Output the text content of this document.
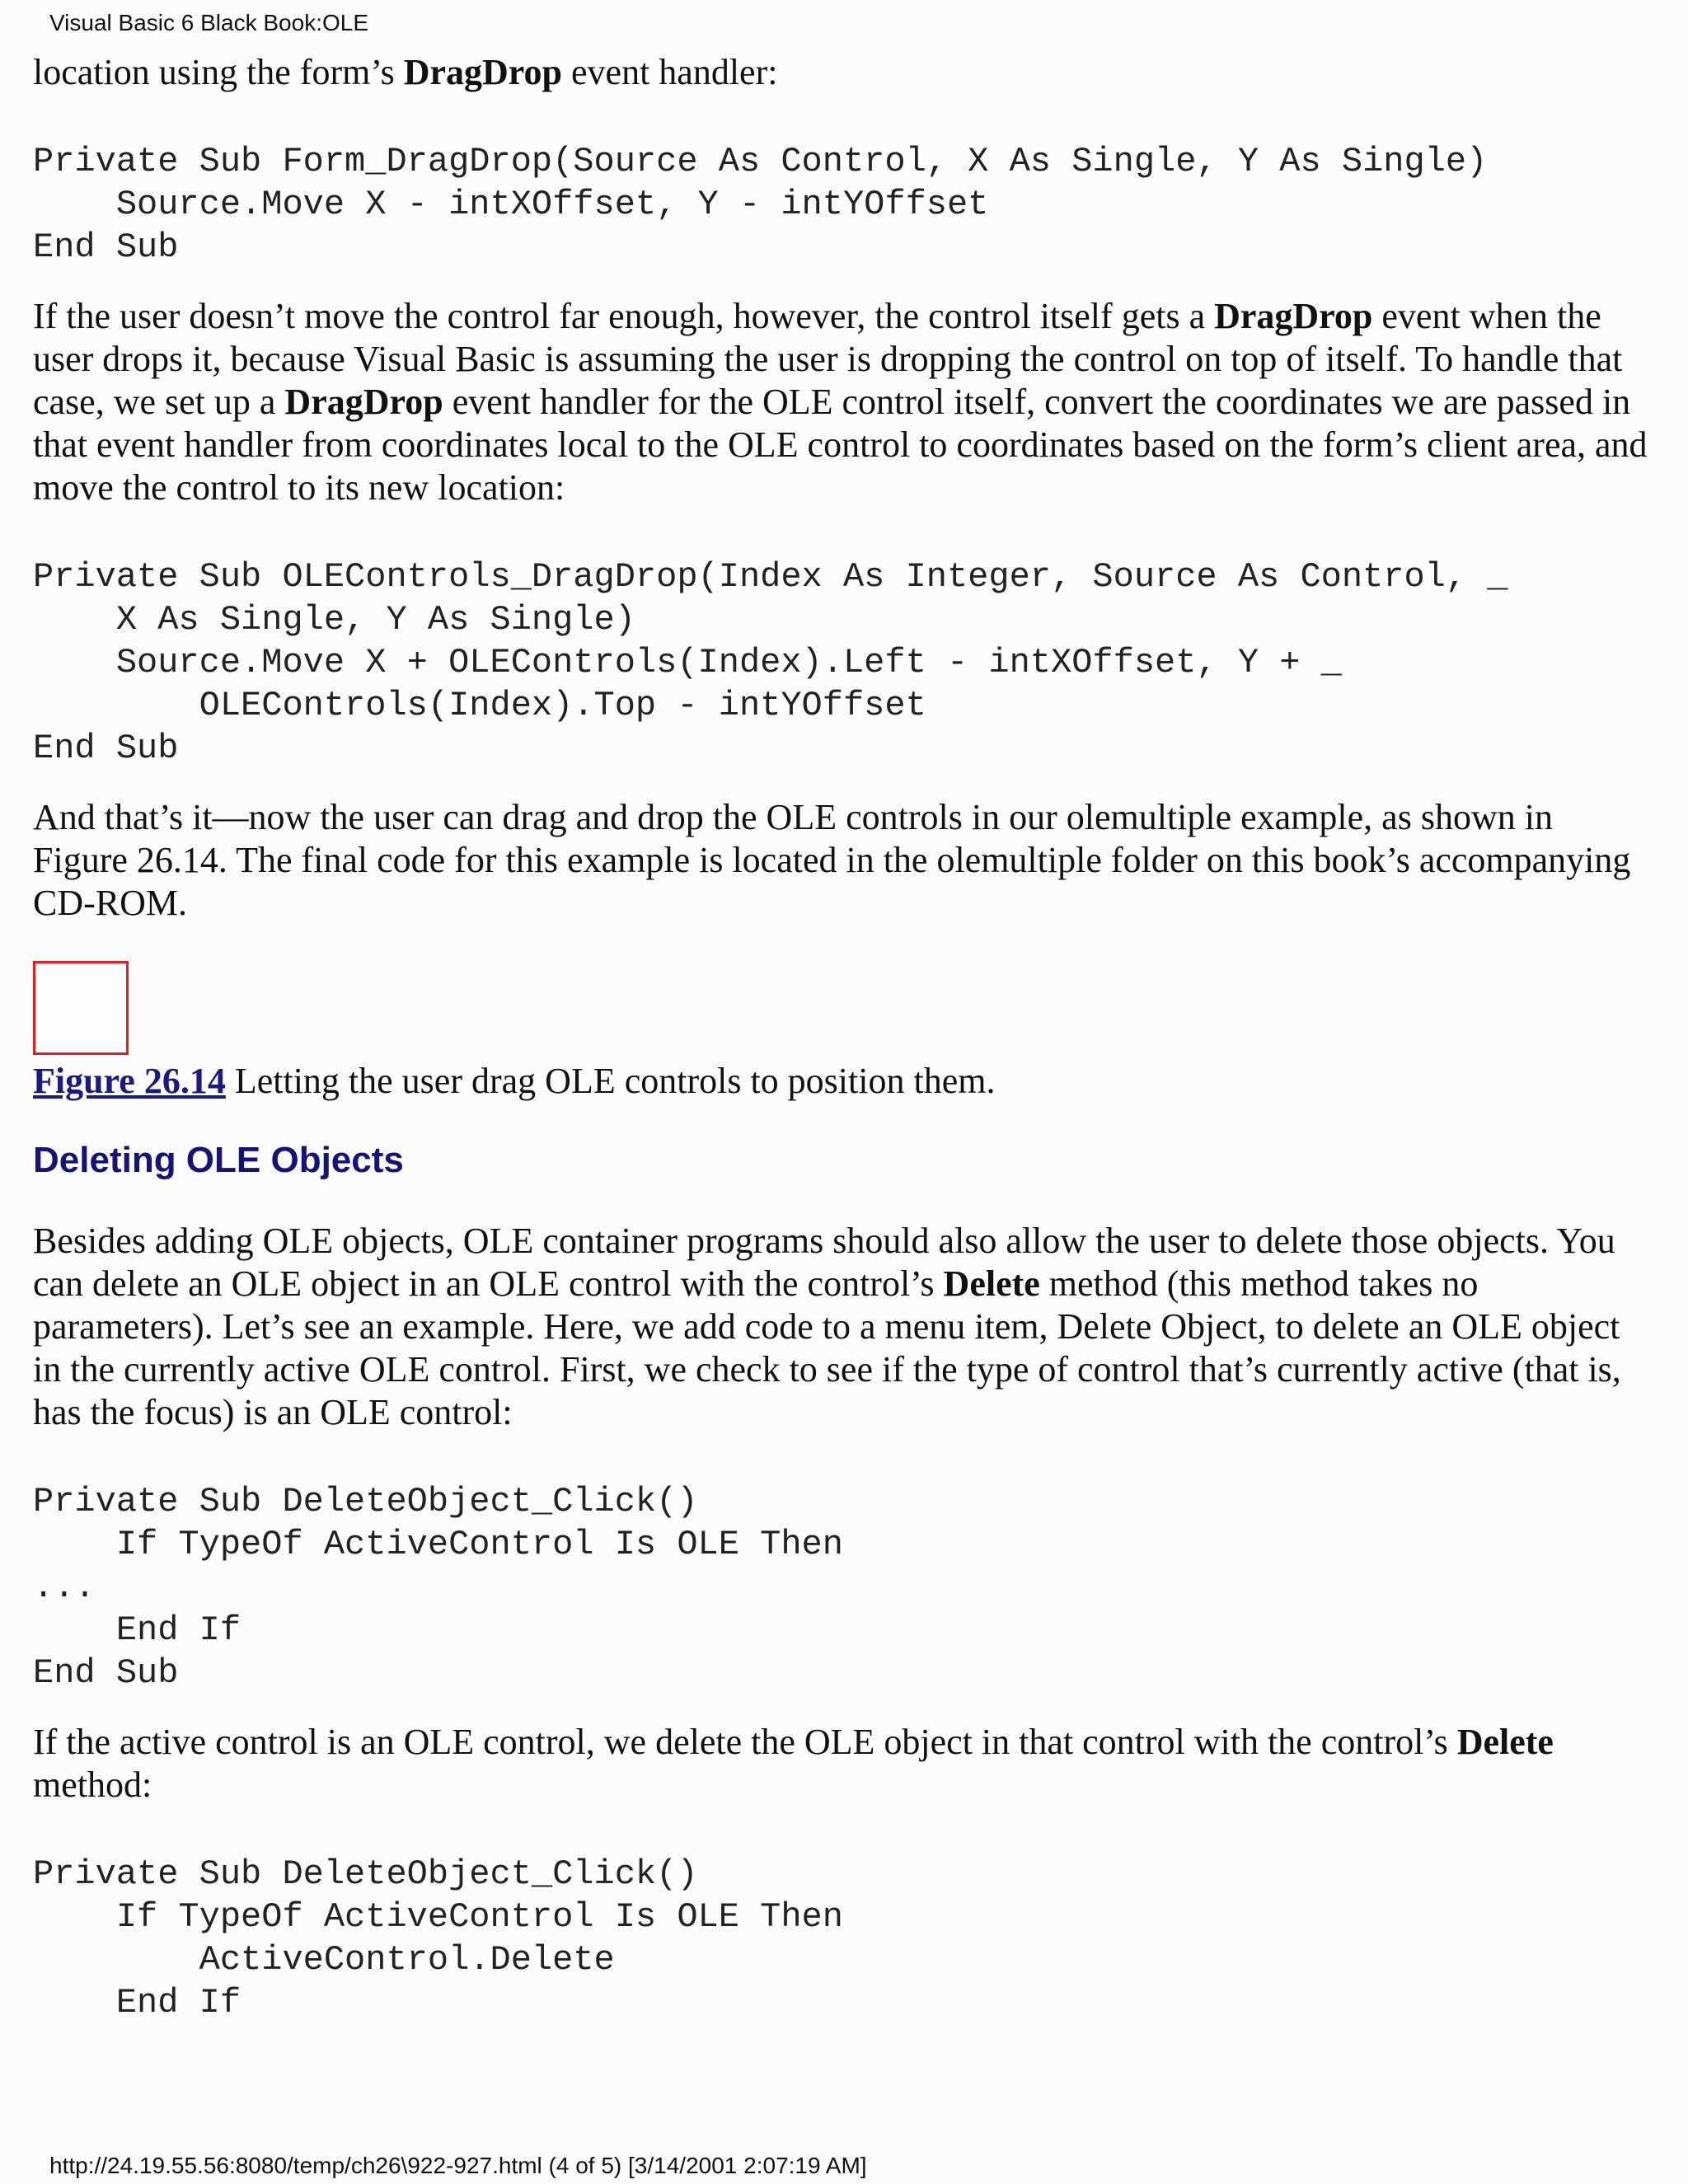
Visual Basic 6 Black Book:OLE

location using the form’s DragDrop event handler:

Private Sub Form_DragDrop(Source As Control, X As Single, Y As Single)
Source.Move X - intXOffset, Y - intYOffset
End Sub

If the user doesn’t move the control far enough, however, the control itself gets a DragDrop event when the user drops it, because Visual Basic is assuming the user is dropping the control on top of itself. To handle that case, we set up a DragDrop event handler for the OLE control itself, convert the coordinates we are passed in that event handler from coordinates local to the OLE control to coordinates based on the form’s client area, and move the control to its new location:

Private Sub OLEControls_DragDrop(Index As Integer, Source As Control, _
X As Single, Y As Single)
Source.Move X + OLEControls(Index).Left - intXOffset, Y + _
OLEControls(Index).Top - intYOffset
End Sub

And that’s it—now the user can drag and drop the OLE controls in our olemultiple example, as shown in Figure 26.14. The final code for this example is located in the olemultiple folder on this book’s accompanying CD-ROM.

Figure 26.14 Letting the user drag OLE controls to position them.
Deleting OLE Objects

Besides adding OLE objects, OLE container programs should also allow the user to delete those objects. You can delete an OLE object in an OLE control with the control’s Delete method (this method takes no parameters). Let’s see an example. Here, we add code to a menu item, Delete Object, to delete an OLE object in the currently active OLE control. First, we check to see if the type of control that’s currently active (that is, has the focus) is an OLE control:

Private Sub DeleteObject_Click()
If TypeOf ActiveControl Is OLE Then
...
End If
End Sub

If the active control is an OLE control, we delete the OLE object in that control with the control’s Delete method:

Private Sub DeleteObject_Click()
If TypeOf ActiveControl Is OLE Then
ActiveControl.Delete
End If
http://24.19.55.56:8080/temp/ch26\922-927.html (4 of 5) [3/14/2001 2:07:19 AM]
